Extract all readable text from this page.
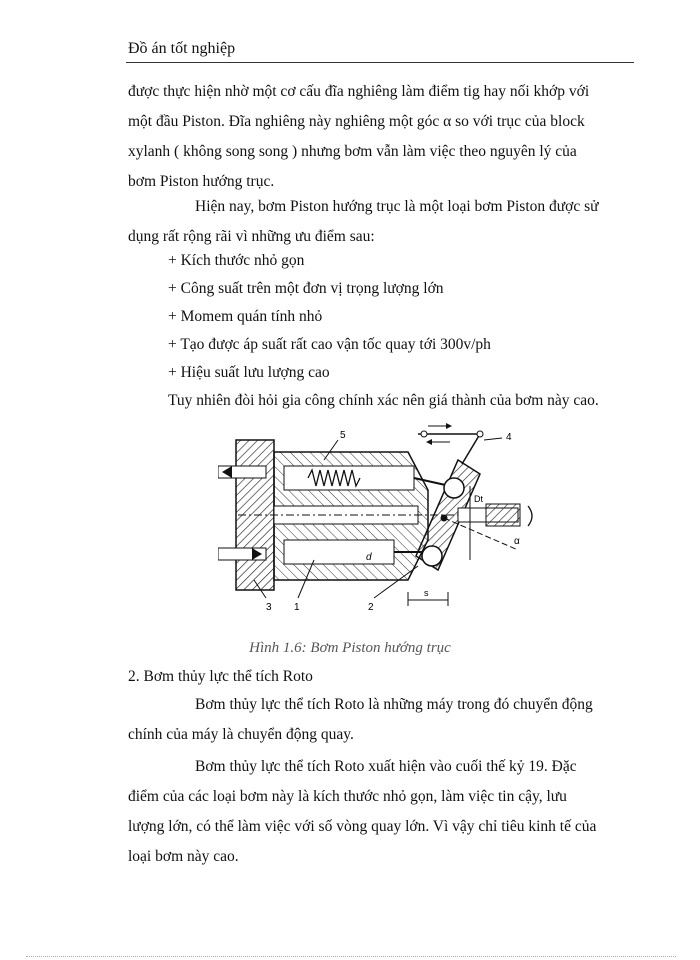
Đồ án tốt nghiệp
được thực hiện nhờ một cơ cấu đĩa nghiêng làm điểm tig hay nối khớp với
một đầu Piston. Đĩa nghiêng này nghiêng một góc α so với trục của block
xylanh ( không song song ) nhưng bơm vẫn làm việc theo nguyên lý của
bơm Piston hướng trục.
Hiện nay, bơm Piston hướng trục là một loại bơm Piston được sử
dụng rất rộng rãi vì những ưu điểm sau:
+ Kích thước nhỏ gọn
+ Công suất trên một đơn vị trọng lượng lớn
+ Momem quán tính nhỏ
+ Tạo được áp suất rất cao vận tốc quay tới 300v/ph
+ Hiệu suất lưu lượng cao
Tuy nhiên đòi hỏi gia công chính xác nên giá thành của bơm này cao.
1	2
3
4
5
d
Dt
s
α
Hình 1.6: Bơm Piston hướng trục
2. Bơm thủy lực thể tích Roto
Bơm thủy lực thể tích Roto là những máy trong đó chuyển động
chính của máy là chuyển động quay.
Bơm thủy lực thể tích Roto xuất hiện vào cuối thế kỷ 19. Đặc
điểm của các loại bơm này là kích thước nhỏ gọn, làm việc tin cậy, lưu
lượng lớn, có thể làm việc với số vòng quay lớn. Vì vậy chỉ tiêu kinh tế của
loại bơm này cao.
